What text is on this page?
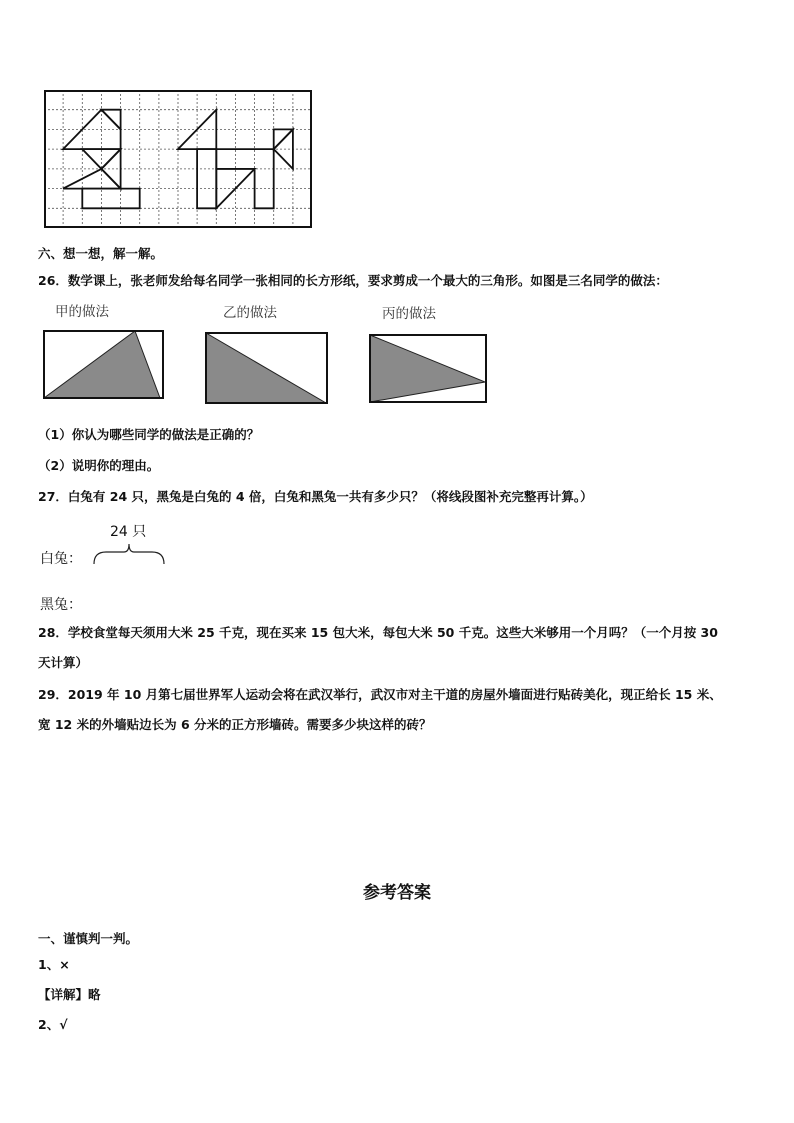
六、想一想，解一解。
26．数学课上，张老师发给每名同学一张相同的长方形纸，要求剪成一个最大的三角形。如图是三名同学的做法：
甲的做法	乙的做法	丙的做法
（1）你认为哪些同学的做法是正确的？
（2）说明你的理由。
27．白兔有 24 只，黑兔是白兔的 4 倍，白兔和黑兔一共有多少只？（将线段图补充完整再计算。）
24 只
白兔：
黑兔：
28．学校食堂每天须用大米 25 千克，现在买来 15 包大米，每包大米 50 千克。这些大米够用一个月吗？（一个月按 30
天计算）
29．2019 年 10 月第七届世界军人运动会将在武汉举行，武汉市对主干道的房屋外墙面进行贴砖美化，现正给长 15 米、
宽 12 米的外墙贴边长为 6 分米的正方形墙砖。需要多少块这样的砖？
参考答案
一、谨慎判一判。
1、×
【详解】略
2、√
